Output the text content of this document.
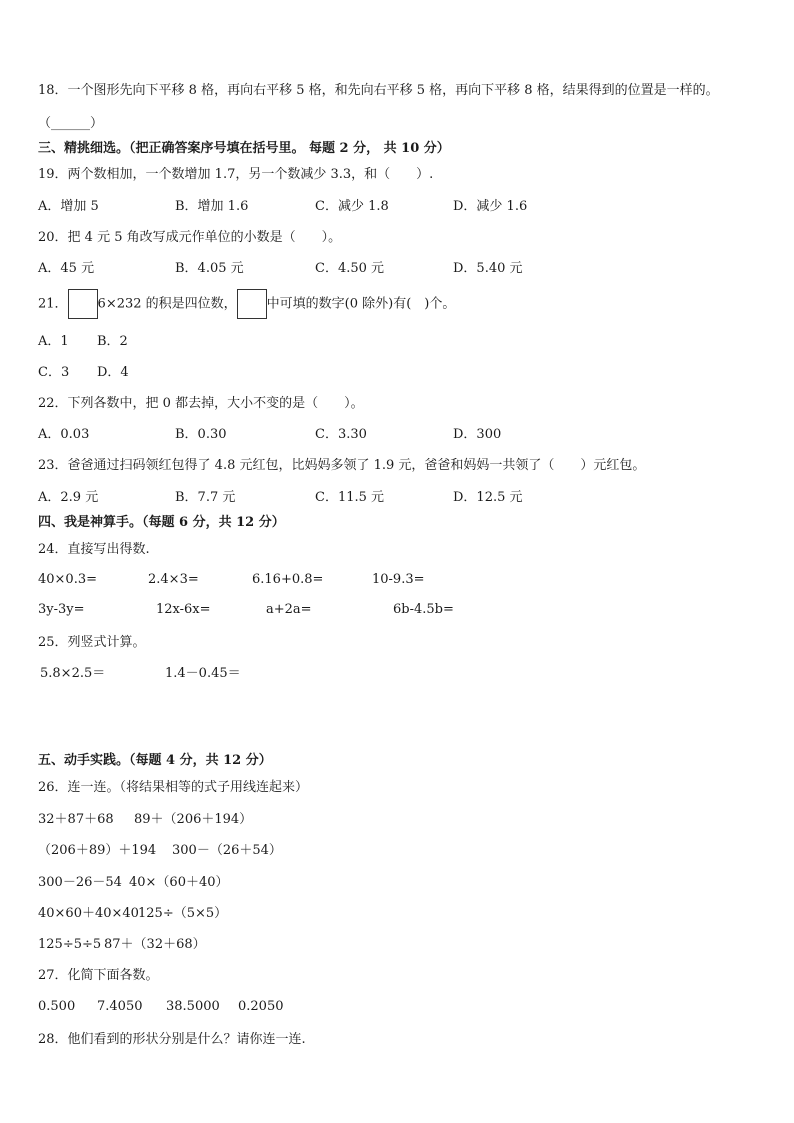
18．一个图形先向下平移 8 格，再向右平移 5 格，和先向右平移 5 格，再向下平移 8 格，结果得到的位置是一样的。
（______）
三、精挑细选。（把正确答案序号填在括号里。 每题 2 分， 共 10 分）
19．两个数相加，一个数增加 1.7，另一个数减少 3.3，和（　　）.
A．增加 5	B．增加 1.6	C．减少 1.8	D．减少 1.6
20．把 4 元 5 角改写成元作单位的小数是（　　）。
A．45 元	B．4.05 元	C．4.50 元	D．5.40 元
21． 6×232 的积是四位数， 中可填的数字(0 除外)有(　)个。
A．1 B．2
C．3 D．4
22．下列各数中，把 0 都去掉，大小不变的是（　　）。
A．0.03	B．0.30	C．3.30	D．300
23．爸爸通过扫码领红包得了 4.8 元红包，比妈妈多领了 1.9 元，爸爸和妈妈一共领了（　　）元红包。
A．2.9 元	B．7.7 元	C．11.5 元	D．12.5 元
四、我是神算手。（每题 6 分，共 12 分）
24．直接写出得数.
40×0.3=	2.4×3=	6.16+0.8=	10-9.3=
3y-3y=	12x-6x=	a+2a=	6b-4.5b=
25．列竖式计算。
5.8×2.5＝	1.4－0.45＝
五、动手实践。（每题 4 分，共 12 分）
26．连一连。（将结果相等的式子用线连起来）
32＋87＋68 89＋（206＋194）
（206＋89）＋194 300－（26＋54）
300－26－54 40×（60＋40）
40×60＋40×40 125÷（5×5）
125÷5÷5 87＋（32＋68）
27．化简下面各数。
0.500 7.4050 38.5000 0.2050
28．他们看到的形状分别是什么？请你连一连.
